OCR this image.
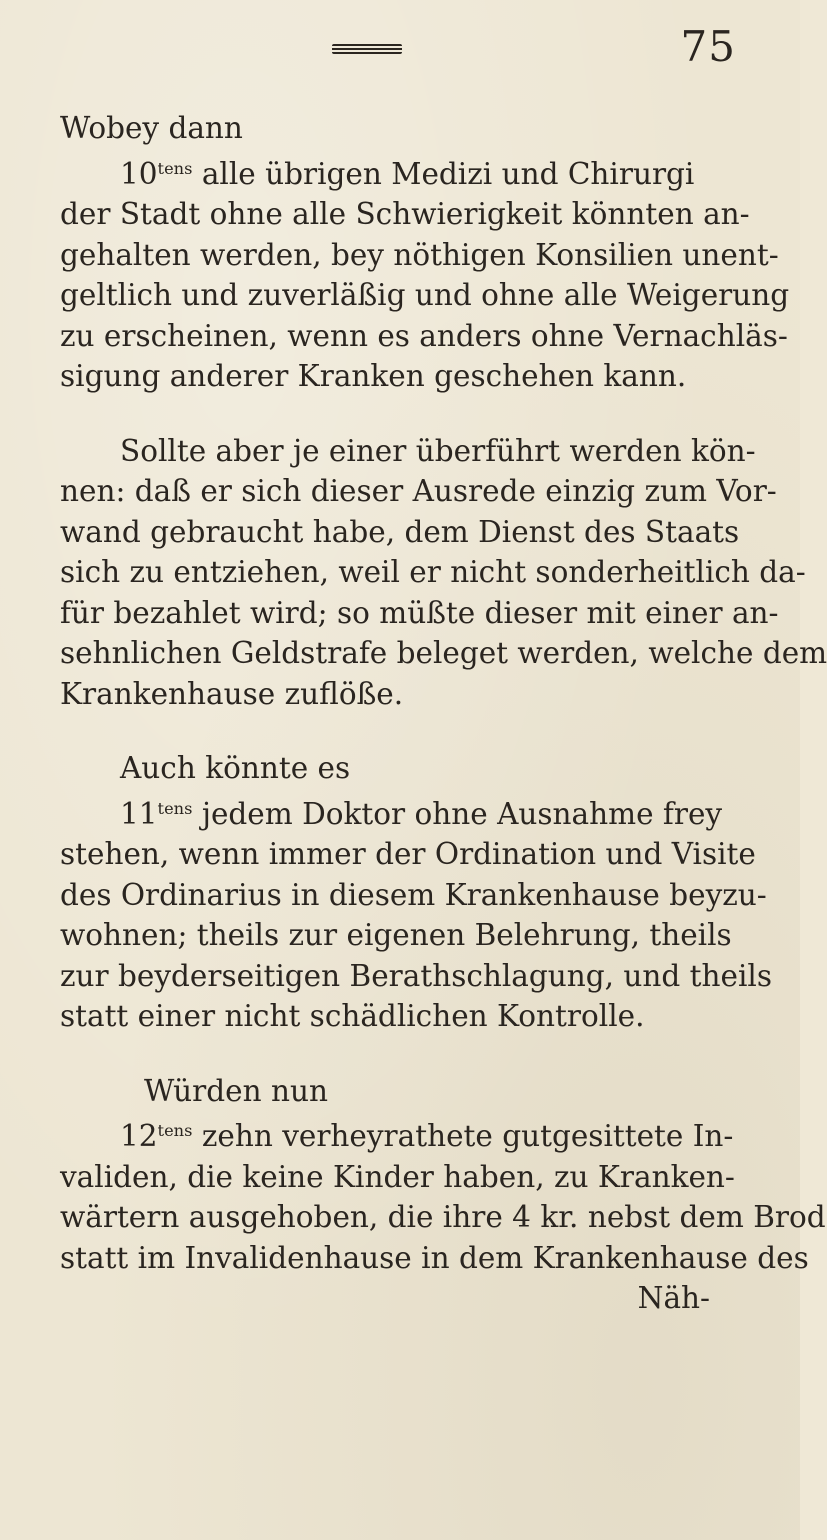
75
Wobey dann
$10^{tens}$ alle übrigen Medizi und Chirurgi
der Stadt ohne alle Schwierigkeit könnten an-
gehalten werden, bey nöthigen Konsilien unent-
geltlich und zuverläßig und ohne alle Weigerung
zu erscheinen, wenn es anders ohne Vernachläs-
sigung anderer Kranken geschehen kann.
Sollte aber je einer überführt werden kön-
nen: daß er sich dieser Ausrede einzig zum Vor-
wand gebraucht habe, dem Dienst des Staats
sich zu entziehen, weil er nicht sonderheitlich da-
für bezahlet wird; so müßte dieser mit einer an-
sehnlichen Geldstrafe beleget werden, welche dem
Krankenhause zuflöße.
Auch könnte es
$11^{tens}$ jedem Doktor ohne Ausnahme frey
stehen, wenn immer der Ordination und Visite
des Ordinarius in diesem Krankenhause beyzu-
wohnen; theils zur eigenen Belehrung, theils
zur beyderseitigen Berathschlagung, und theils
statt einer nicht schädlichen Kontrolle.
Würden nun
$12^{tens}$ zehn verheyrathete gutgesittete In-
validen, die keine Kinder haben, zu Kranken-
wärtern ausgehoben, die ihre 4 kr. nebst dem Brod
statt im Invalidenhause in dem Krankenhause des
Näh-
